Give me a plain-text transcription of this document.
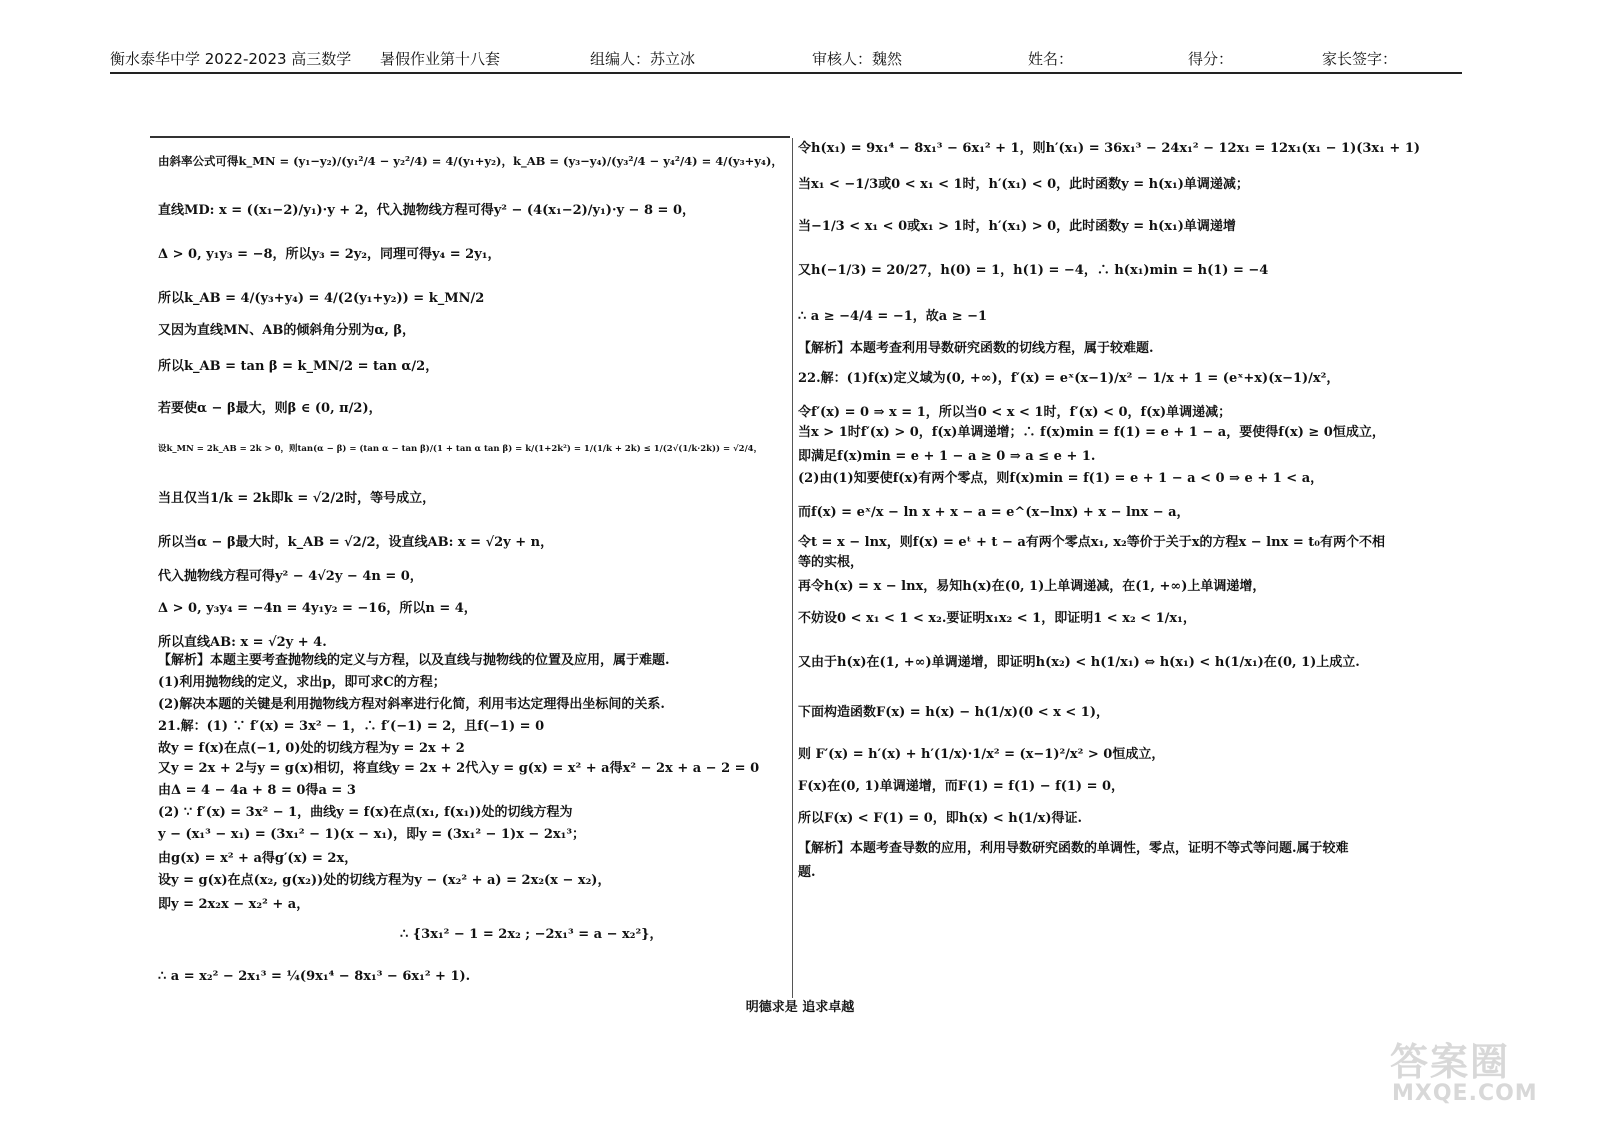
衡水泰华中学 2022-2023 高三数学 暑假作业第十八套	组编人：苏立冰	审核人：魏然	姓名：	得分：	家长签字：
由斜率公式可得k_MN = (y₁−y₂)/(y₁²/4 − y₂²/4) = 4/(y₁+y₂)，k_AB = (y₃−y₄)/(y₃²/4 − y₄²/4) = 4/(y₃+y₄)，
直线MD: x = ((x₁−2)/y₁)·y + 2，代入抛物线方程可得y² − (4(x₁−2)/y₁)·y − 8 = 0，
Δ > 0, y₁y₃ = −8，所以y₃ = 2y₂，同理可得y₄ = 2y₁，
所以k_AB = 4/(y₃+y₄) = 4/(2(y₁+y₂)) = k_MN/2
又因为直线MN、AB的倾斜角分别为α, β，
所以k_AB = tan β = k_MN/2 = tan α/2，
若要使α − β最大，则β ∈ (0, π/2)，
设k_MN = 2k_AB = 2k > 0，则tan(α − β) = (tan α − tan β)/(1 + tan α tan β) = k/(1+2k²) = 1/(1/k + 2k) ≤ 1/(2√(1/k·2k)) = √2/4，
当且仅当1/k = 2k即k = √2/2时，等号成立，
所以当α − β最大时，k_AB = √2/2，设直线AB: x = √2y + n，
代入抛物线方程可得y² − 4√2y − 4n = 0，
Δ > 0, y₃y₄ = −4n = 4y₁y₂ = −16，所以n = 4，
所以直线AB: x = √2y + 4.
【解析】本题主要考查抛物线的定义与方程，以及直线与抛物线的位置及应用，属于难题.
(1)利用抛物线的定义，求出p，即可求C的方程；
(2)解决本题的关键是利用抛物线方程对斜率进行化简，利用韦达定理得出坐标间的关系.
21.解：(1) ∵ f′(x) = 3x² − 1，∴ f′(−1) = 2，且f(−1) = 0
故y = f(x)在点(−1, 0)处的切线方程为y = 2x + 2
又y = 2x + 2与y = g(x)相切，将直线y = 2x + 2代入y = g(x) = x² + a得x² − 2x + a − 2 = 0
由Δ = 4 − 4a + 8 = 0得a = 3
(2) ∵ f′(x) = 3x² − 1，曲线y = f(x)在点(x₁, f(x₁))处的切线方程为
y − (x₁³ − x₁) = (3x₁² − 1)(x − x₁)，即y = (3x₁² − 1)x − 2x₁³；
由g(x) = x² + a得g′(x) = 2x，
设y = g(x)在点(x₂, g(x₂))处的切线方程为y − (x₂² + a) = 2x₂(x − x₂)，
即y = 2x₂x − x₂² + a，
∴ {3x₁² − 1 = 2x₂ ; −2x₁³ = a − x₂²}，
∴ a = x₂² − 2x₁³ = ¼(9x₁⁴ − 8x₁³ − 6x₁² + 1).
令h(x₁) = 9x₁⁴ − 8x₁³ − 6x₁² + 1，则h′(x₁) = 36x₁³ − 24x₁² − 12x₁ = 12x₁(x₁ − 1)(3x₁ + 1)
当x₁ < −1/3或0 < x₁ < 1时，h′(x₁) < 0，此时函数y = h(x₁)单调递减；
当−1/3 < x₁ < 0或x₁ > 1时，h′(x₁) > 0，此时函数y = h(x₁)单调递增
又h(−1/3) = 20/27，h(0) = 1，h(1) = −4，∴ h(x₁)min = h(1) = −4
∴ a ≥ −4/4 = −1，故a ≥ −1
【解析】本题考查利用导数研究函数的切线方程，属于较难题.
22.解：(1)f(x)定义域为(0, +∞)，f′(x) = eˣ(x−1)/x² − 1/x + 1 = (eˣ+x)(x−1)/x²，
令f′(x) = 0 ⇒ x = 1，所以当0 < x < 1时，f′(x) < 0，f(x)单调递减；
当x > 1时f′(x) > 0，f(x)单调递增；∴ f(x)min = f(1) = e + 1 − a，要使得f(x) ≥ 0恒成立，
即满足f(x)min = e + 1 − a ≥ 0 ⇒ a ≤ e + 1.
(2)由(1)知要使f(x)有两个零点，则f(x)min = f(1) = e + 1 − a < 0 ⇒ e + 1 < a，
而f(x) = eˣ/x − ln x + x − a = e^(x−lnx) + x − lnx − a，
令t = x − lnx，则f(x) = eᵗ + t − a有两个零点x₁, x₂等价于关于x的方程x − lnx = t₀有两个不相
等的实根，
再令h(x) = x − lnx，易知h(x)在(0, 1)上单调递减，在(1, +∞)上单调递增，
不妨设0 < x₁ < 1 < x₂.要证明x₁x₂ < 1，即证明1 < x₂ < 1/x₁，
又由于h(x)在(1, +∞)单调递增，即证明h(x₂) < h(1/x₁) ⇔ h(x₁) < h(1/x₁)在(0, 1)上成立.
下面构造函数F(x) = h(x) − h(1/x)(0 < x < 1)，
则 F′(x) = h′(x) + h′(1/x)·1/x² = (x−1)²/x² > 0恒成立，
F(x)在(0, 1)单调递增，而F(1) = f(1) − f(1) = 0，
所以F(x) < F(1) = 0，即h(x) < h(1/x)得证.
【解析】本题考查导数的应用，利用导数研究函数的单调性，零点，证明不等式等问题.属于较难
题.
明德求是 追求卓越
答案圈
MXQE.COM
